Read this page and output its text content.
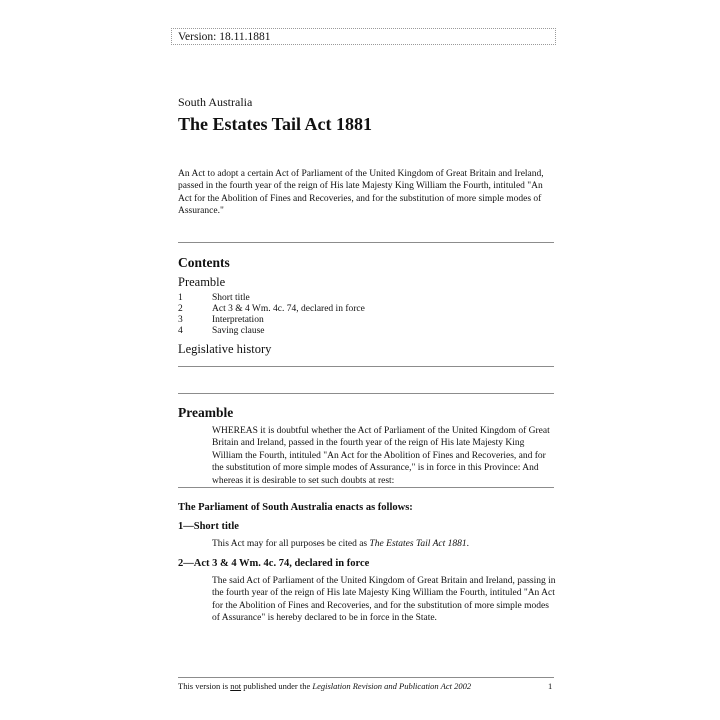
Version: 18.11.1881
South Australia
The Estates Tail Act 1881

An Act to adopt a certain Act of Parliament of the United Kingdom of Great Britain and Ireland, passed in the fourth year of the reign of His late Majesty King William the Fourth, intituled "An Act for the Abolition of Fines and Recoveries, and for the substitution of more simple modes of Assurance."

Contents
Preamble
1	Short title
2	Act 3 & 4 Wm. 4c. 74, declared in force
3	Interpretation
4	Saving clause
Legislative history
Preamble

WHEREAS it is doubtful whether the Act of Parliament of the United Kingdom of Great Britain and Ireland, passed in the fourth year of the reign of His late Majesty King William the Fourth, intituled "An Act for the Abolition of Fines and Recoveries, and for the substitution of more simple modes of Assurance," is in force in this Province: And whereas it is desirable to set such doubts at rest:

The Parliament of South Australia enacts as follows:
1—Short title

This Act may for all purposes be cited as The Estates Tail Act 1881.

2—Act 3 & 4 Wm. 4c. 74, declared in force

The said Act of Parliament of the United Kingdom of Great Britain and Ireland, passing in the fourth year of the reign of His late Majesty King William the Fourth, intituled "An Act for the Abolition of Fines and Recoveries, and for the substitution of more simple modes of Assurance" is hereby declared to be in force in the State.

This version is not published under the Legislation Revision and Publication Act 2002	1
